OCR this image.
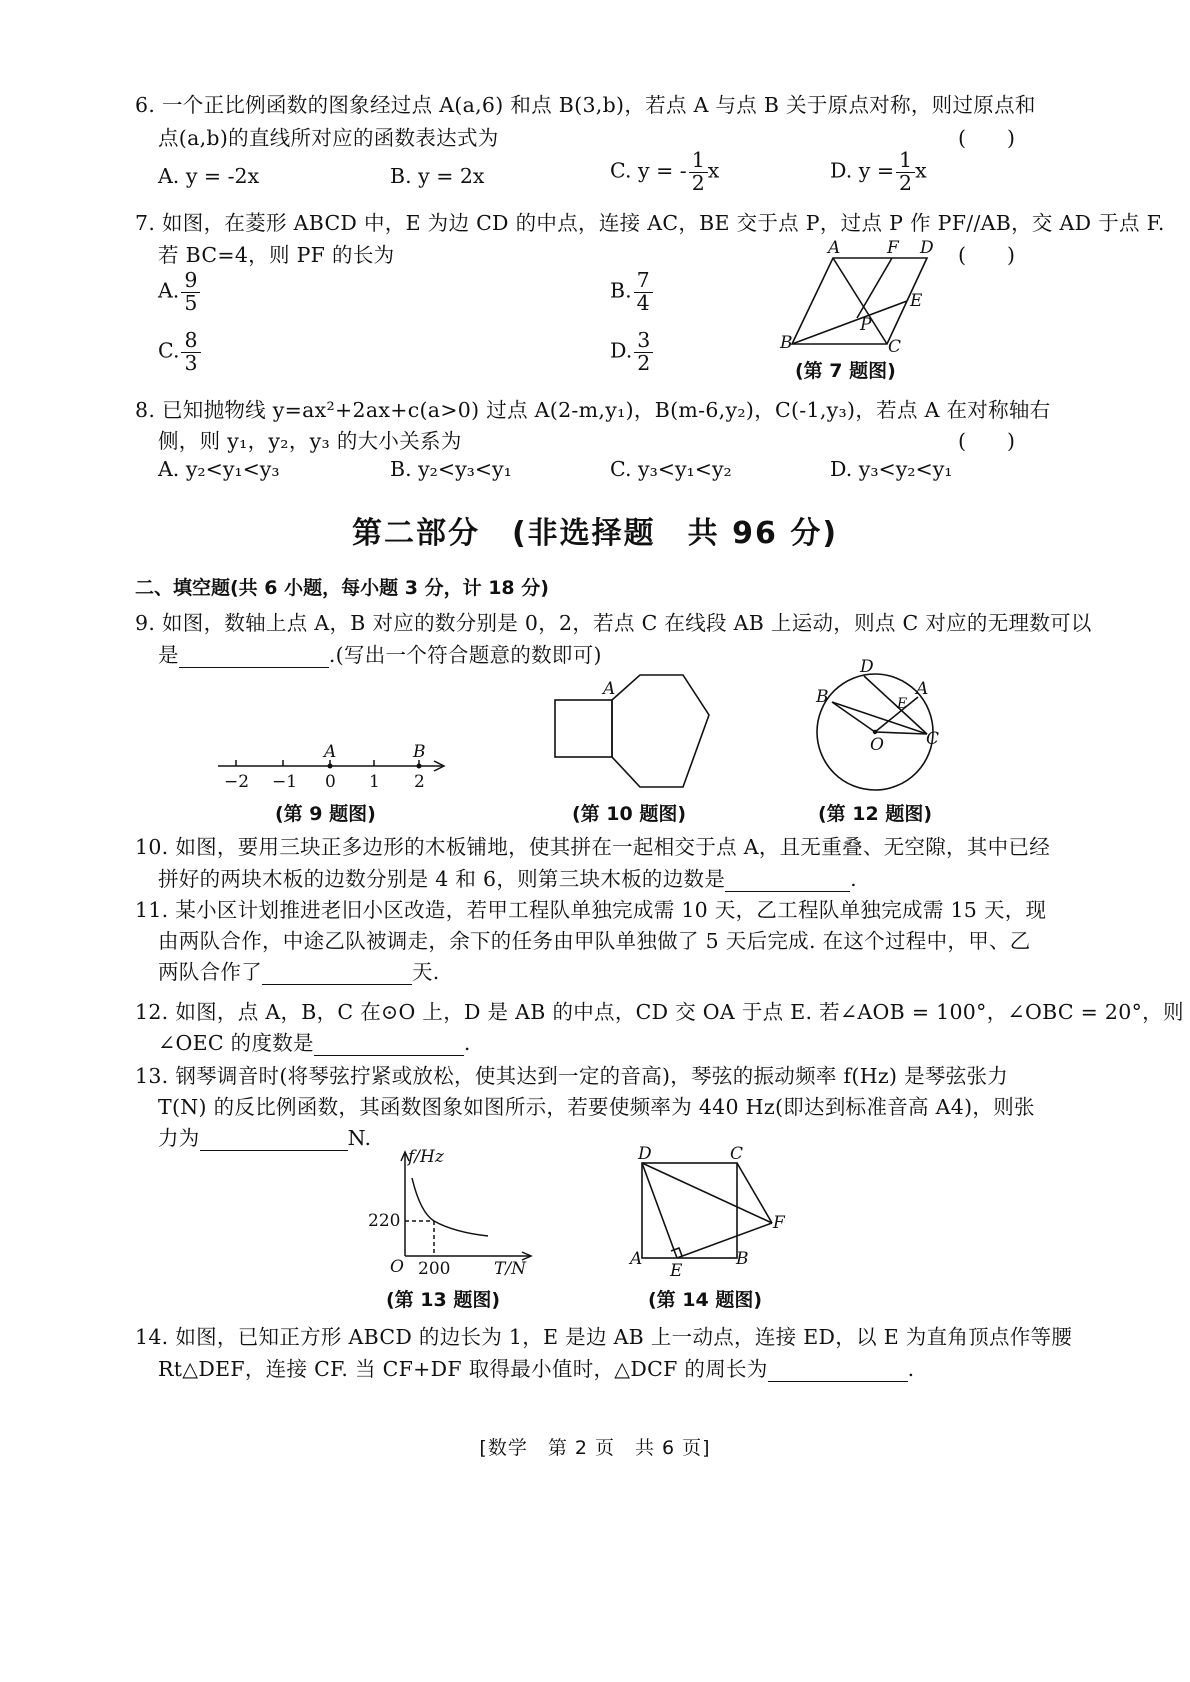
6. 一个正比例函数的图象经过点 A(a,6) 和点 B(3,b)，若点 A 与点 B 关于原点对称，则过原点和
点(a,b)的直线所对应的函数表达式为	(　　)
A. y = -2x	B. y = 2x	C. y = - $\frac{1}{2}$ x	D. $y = \frac{1}{2}$ x
7. 如图，在菱形 ABCD 中，E 为边 CD 的中点，连接 AC，BE 交于点 P，过点 P 作 PF//AB，交 AD 于点 F.
若 BC=4，则 PF 的长为	(　　)
A. $\frac{9}{5}$	B. $\frac{7}{4}$
C. $\frac{8}{3}$	D. $\frac{3}{2}$
A	F D
E
P
B	C
(第 7 题图)
8. 已知抛物线 y=ax²+2ax+c(a>0) 过点 A(2-m,y₁)，B(m-6,y₂)，C(-1,y₃)，若点 A 在对称轴右
侧，则 y₁，y₂，y₃ 的大小关系为	(　　)
A. y₂<y₁<y₃	B. y₂<y₃<y₁	C. y₃<y₁<y₂	D. y₃<y₂<y₁
第二部分　(非选择题　共 96 分)
二、填空题(共 6 小题，每小题 3 分，计 18 分)
9. 如图，数轴上点 A，B 对应的数分别是 0，2，若点 C 在线段 AB 上运动，则点 C 对应的无理数可以
是	.(写出一个符合题意的数即可)
A	B
−2 −1 0 1 2
(第 9 题图)
A
(第 10 题图)
D
B	E
A
O C
(第 12 题图)
10. 如图，要用三块正多边形的木板铺地，使其拼在一起相交于点 A，且无重叠、无空隙，其中已经
拼好的两块木板的边数分别是 4 和 6，则第三块木板的边数是	.
11. 某小区计划推进老旧小区改造，若甲工程队单独完成需 10 天，乙工程队单独完成需 15 天，现
由两队合作，中途乙队被调走，余下的任务由甲队单独做了 5 天后完成. 在这个过程中，甲、乙
两队合作了	天.
12. 如图，点 A，B，C 在⊙O 上，D 是 AB 的中点，CD 交 OA 于点 E. 若∠AOB = 100°，∠OBC = 20°，则
∠OEC 的度数是	.
13. 钢琴调音时(将琴弦拧紧或放松，使其达到一定的音高)，琴弦的振动频率 f(Hz) 是琴弦张力
T(N) 的反比例函数，其函数图象如图所示，若要使频率为 440 Hz(即达到标准音高 A4)，则张
力为	N.
f/Hz
T/N
O
220
200
(第 13 题图)
D	C
F
A
E
B
(第 14 题图)
14. 如图，已知正方形 ABCD 的边长为 1，E 是边 AB 上一动点，连接 ED，以 E 为直角顶点作等腰
Rt△DEF，连接 CF. 当 CF+DF 取得最小值时，△DCF 的周长为	.
[数学　第 2 页　共 6 页]
